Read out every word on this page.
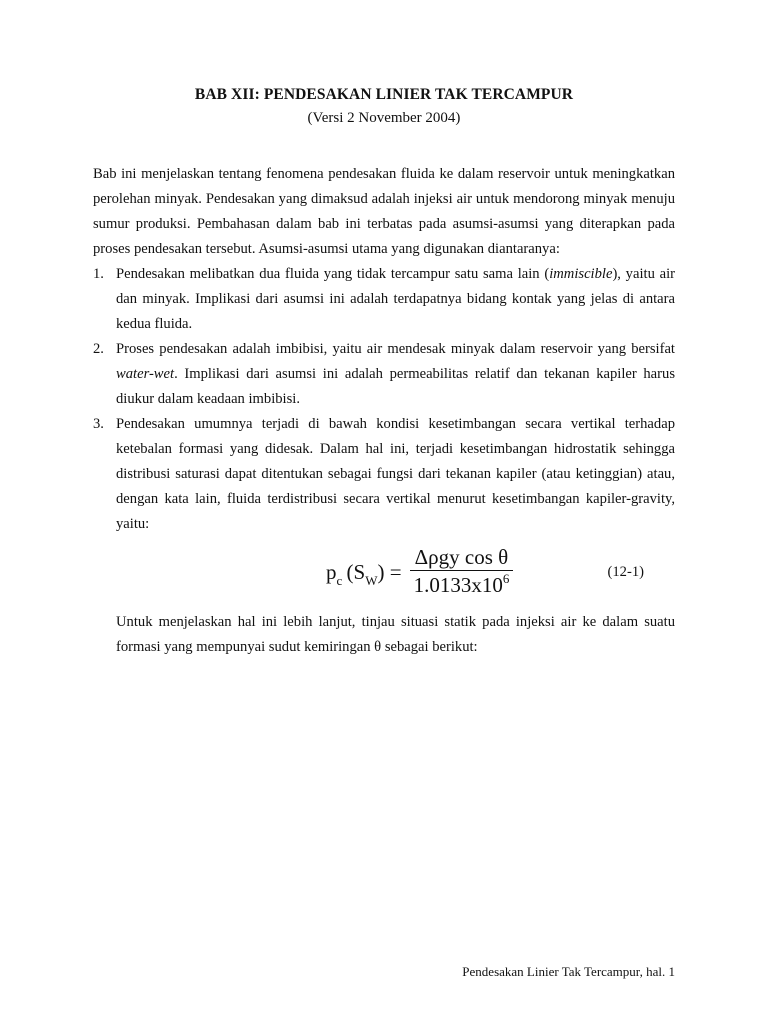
BAB XII: PENDESAKAN LINIER TAK TERCAMPUR
(Versi 2 November 2004)

Bab ini menjelaskan tentang fenomena pendesakan fluida ke dalam reservoir untuk meningkatkan perolehan minyak. Pendesakan yang dimaksud adalah injeksi air untuk mendorong minyak menuju sumur produksi. Pembahasan dalam bab ini terbatas pada asumsi-asumsi yang diterapkan pada proses pendesakan tersebut. Asumsi-asumsi utama yang digunakan diantaranya:

1. Pendesakan melibatkan dua fluida yang tidak tercampur satu sama lain (immiscible), yaitu air dan minyak. Implikasi dari asumsi ini adalah terdapatnya bidang kontak yang jelas di antara kedua fluida.
2. Proses pendesakan adalah imbibisi, yaitu air mendesak minyak dalam reservoir yang bersifat water-wet. Implikasi dari asumsi ini adalah permeabilitas relatif dan tekanan kapiler harus diukur dalam keadaan imbibisi.
3. Pendesakan umumnya terjadi di bawah kondisi kesetimbangan secara vertikal terhadap ketebalan formasi yang didesak. Dalam hal ini, terjadi kesetimbangan hidrostatik sehingga distribusi saturasi dapat ditentukan sebagai fungsi dari tekanan kapiler (atau ketinggian) atau, dengan kata lain, fluida terdistribusi secara vertikal menurut kesetimbangan kapiler-gravity, yaitu:
$p_c$  $(S_W) = \frac{\text{Δρgy cos θ}}{1.0133x10^6}$	(12-1)

Untuk menjelaskan hal ini lebih lanjut, tinjau situasi statik pada injeksi air ke dalam suatu formasi yang mempunyai sudut kemiringan θ sebagai berikut:

Pendesakan Linier Tak Tercampur, hal. 1
